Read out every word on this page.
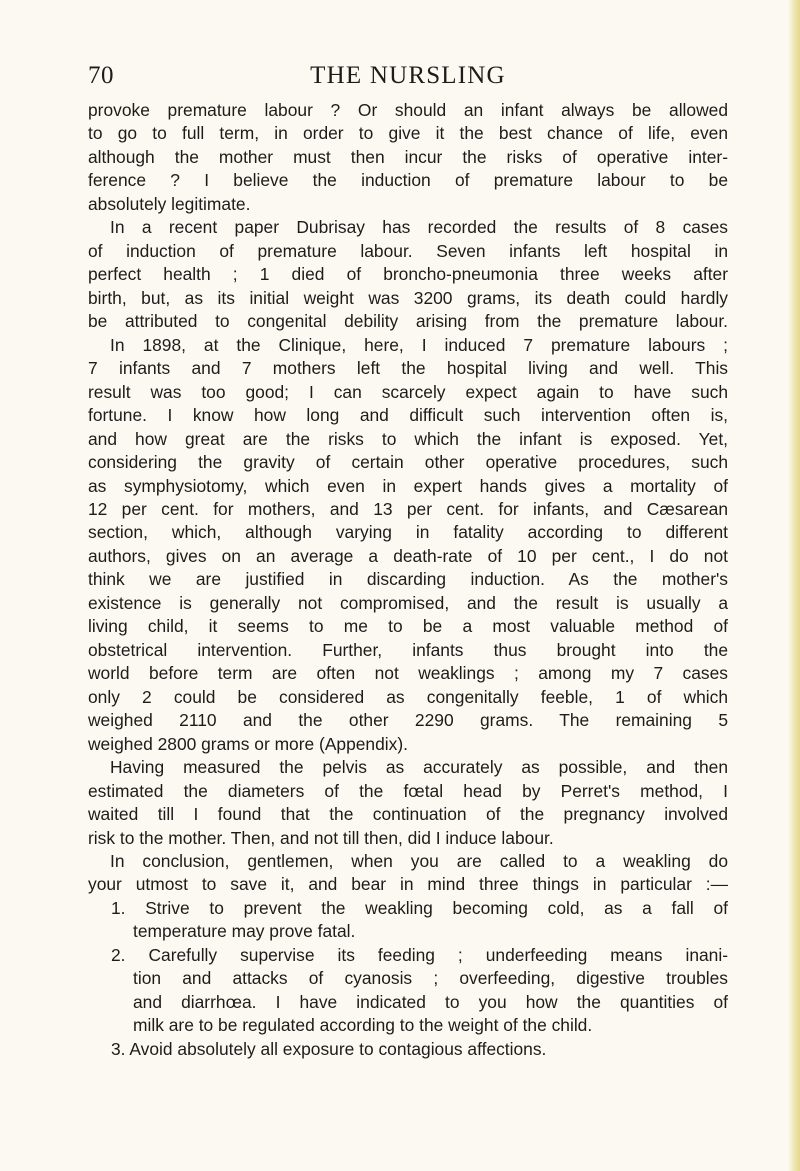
70	THE NURSLING
provoke premature labour ? Or should an infant always be allowed
to go to full term, in order to give it the best chance of life, even
although the mother must then incur the risks of operative inter-
ference ? I believe the induction of premature labour to be
absolutely legitimate.
In a recent paper Dubrisay has recorded the results of 8 cases
of induction of premature labour. Seven infants left hospital in
perfect health ; 1 died of broncho-pneumonia three weeks after
birth, but, as its initial weight was 3200 grams, its death could hardly
be attributed to congenital debility arising from the premature labour.
In 1898, at the Clinique, here, I induced 7 premature labours ;
7 infants and 7 mothers left the hospital living and well. This
result was too good; I can scarcely expect again to have such
fortune. I know how long and difficult such intervention often is,
and how great are the risks to which the infant is exposed. Yet,
considering the gravity of certain other operative procedures, such
as symphysiotomy, which even in expert hands gives a mortality of
12 per cent. for mothers, and 13 per cent. for infants, and Cæsarean
section, which, although varying in fatality according to different
authors, gives on an average a death-rate of 10 per cent., I do not
think we are justified in discarding induction. As the mother's
existence is generally not compromised, and the result is usually a
living child, it seems to me to be a most valuable method of
obstetrical intervention. Further, infants thus brought into the
world before term are often not weaklings ; among my 7 cases
only 2 could be considered as congenitally feeble, 1 of which
weighed 2110 and the other 2290 grams. The remaining 5
weighed 2800 grams or more (Appendix).
Having measured the pelvis as accurately as possible, and then
estimated the diameters of the fœtal head by Perret's method, I
waited till I found that the continuation of the pregnancy involved
risk to the mother. Then, and not till then, did I induce labour.
In conclusion, gentlemen, when you are called to a weakling do
your utmost to save it, and bear in mind three things in particular :—
1. Strive to prevent the weakling becoming cold, as a fall of
temperature may prove fatal.
2. Carefully supervise its feeding ; underfeeding means inani-
tion and attacks of cyanosis ; overfeeding, digestive troubles
and diarrhœa. I have indicated to you how the quantities of
milk are to be regulated according to the weight of the child.
3. Avoid absolutely all exposure to contagious affections.
